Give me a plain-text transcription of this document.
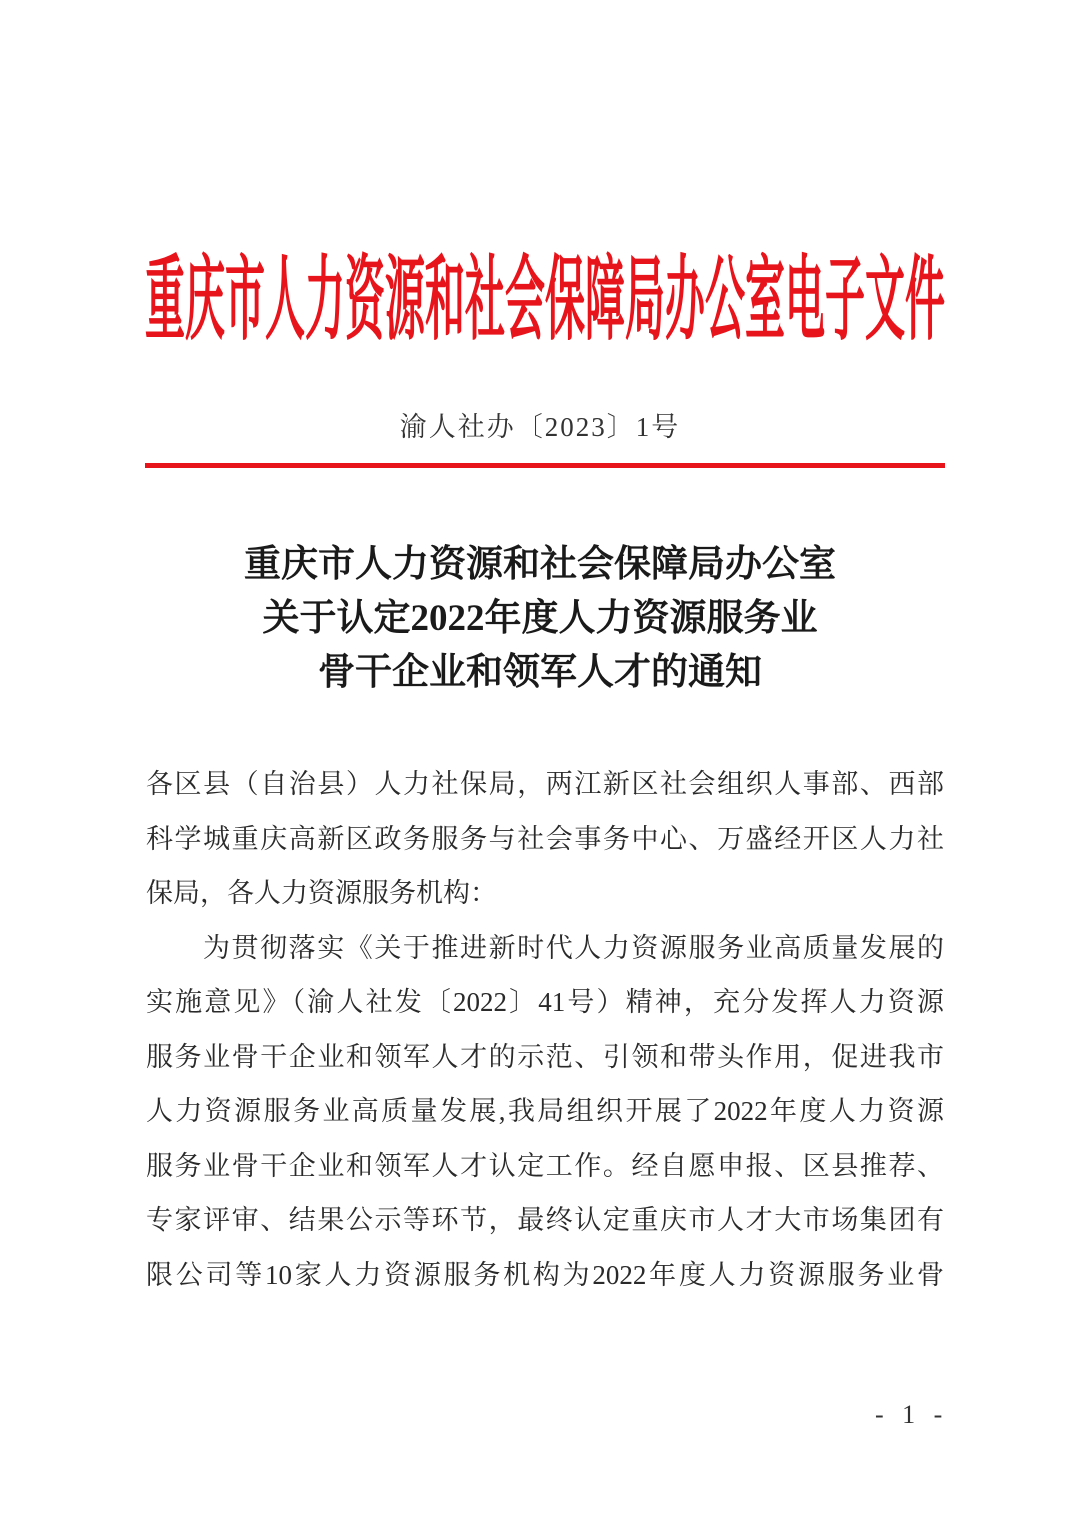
重庆市人力资源和社会保障局办公室电子文件
渝人社办〔2023〕1号
重庆市人力资源和社会保障局办公室
关于认定2022年度人力资源服务业
骨干企业和领军人才的通知
各区县（自治县）人力社保局，两江新区社会组织人事部、西部
科学城重庆高新区政务服务与社会事务中心、万盛经开区人力社
保局，各人力资源服务机构：
为贯彻落实《关于推进新时代人力资源服务业高质量发展的
实施意见》（渝人社发〔2022〕41号）精神，充分发挥人力资源
服务业骨干企业和领军人才的示范、引领和带头作用，促进我市
人力资源服务业高质量发展,我局组织开展了2022年度人力资源
服务业骨干企业和领军人才认定工作。经自愿申报、区县推荐、
专家评审、结果公示等环节，最终认定重庆市人才大市场集团有
限公司等10家人力资源服务机构为2022年度人力资源服务业骨
- 1 -
